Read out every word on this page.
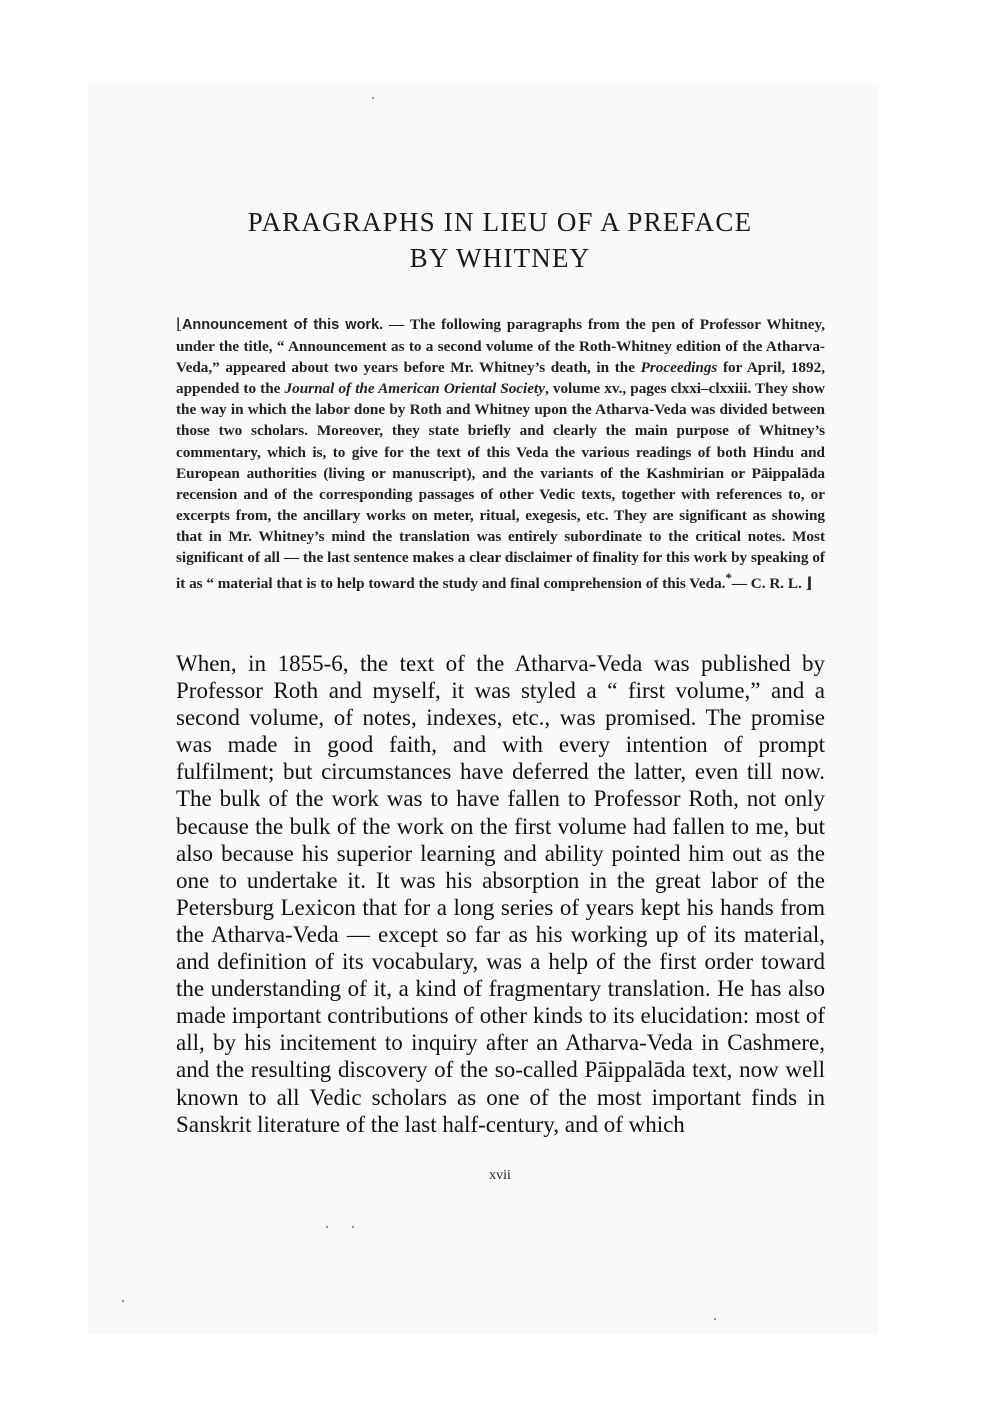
PARAGRAPHS IN LIEU OF A PREFACE
BY WHITNEY
⌊Announcement of this work. — The following paragraphs from the pen of Professor Whitney, under the title, “ Announcement as to a second volume of the Roth-Whitney edition of the Atharva-Veda,” appeared about two years before Mr. Whitney’s death, in the Proceedings for April, 1892, appended to the Journal of the American Oriental Society, volume xv., pages clxxi–clxxiii. They show the way in which the labor done by Roth and Whitney upon the Atharva-Veda was divided between those two scholars. Moreover, they state briefly and clearly the main purpose of Whitney’s commentary, which is, to give for the text of this Veda the various readings of both Hindu and European authorities (living or manuscript), and the variants of the Kashmirian or Pāippalāda recension and of the corresponding passages of other Vedic texts, together with references to, or excerpts from, the ancillary works on meter, ritual, exegesis, etc. They are significant as showing that in Mr. Whitney’s mind the translation was entirely subordinate to the critical notes. Most significant of all — the last sentence makes a clear disclaimer of finality for this work by speaking of it as “ material that is to help toward the study and final comprehension of this Veda.*— C. R. L. ⌋
When, in 1855-6, the text of the Atharva-Veda was published by Professor Roth and myself, it was styled a “ first volume,” and a second volume, of notes, indexes, etc., was promised. The promise was made in good faith, and with every intention of prompt fulfilment; but circumstances have deferred the latter, even till now. The bulk of the work was to have fallen to Professor Roth, not only because the bulk of the work on the first volume had fallen to me, but also because his superior learning and ability pointed him out as the one to undertake it. It was his absorption in the great labor of the Petersburg Lexicon that for a long series of years kept his hands from the Atharva-Veda — except so far as his working up of its material, and definition of its vocabulary, was a help of the first order toward the understanding of it, a kind of fragmentary translation. He has also made important contributions of other kinds to its elucidation: most of all, by his incitement to inquiry after an Atharva-Veda in Cashmere, and the resulting discovery of the so-called Pāippalāda text, now well known to all Vedic scholars as one of the most important finds in Sanskrit literature of the last half-century, and of which
xvii
